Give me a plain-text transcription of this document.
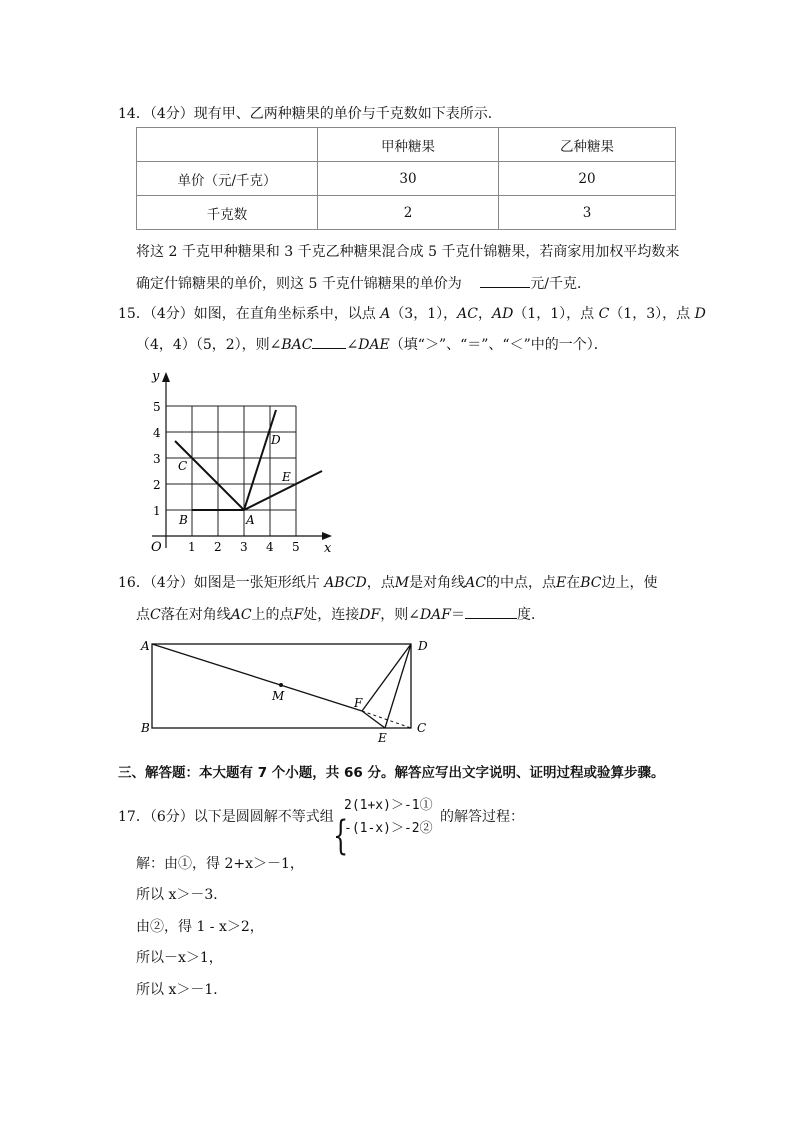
14．（4分）现有甲、乙两种糖果的单价与千克数如下表所示．
	甲种糖果	乙种糖果
单价（元/千克）	30	20
千克数	2	3
将这 2 千克甲种糖果和 3 千克乙种糖果混合成 5 千克什锦糖果，若商家用加权平均数来
确定什锦糖果的单价，则这 5 千克什锦糖果的单价为	元/千克．
15．（4分）如图，在直角坐标系中，以点 A（3，1），AC，AD（1，1），点 C（1，3），点 D
（4，4）（5，2），则∠BAC ∠DAE（填“＞”、“＝”、“＜”中的一个）．
y
x
O 1 2 3 4 5
1
2
3
4
5
B	A
C
D
E
16．（4分）如图是一张矩形纸片 ABCD，点M是对角线AC的中点，点E在BC边上，使
点C落在对角线AC上的点F处，连接DF，则∠DAF＝	度．
A	D
B	C
M	F
E
三、解答题：本大题有 7 个小题，共 66 分。解答应写出文字说明、证明过程或验算步骤。
17．（6分）以下是圆圆解不等式组 {
2(1+x)＞-1①
-(1-x)＞-2②
的解答过程：
解：由①，得 2+x＞－1，
所以 x＞－3．
由②，得 1 - x＞2，
所以－x＞1，
所以 x＞－1．
